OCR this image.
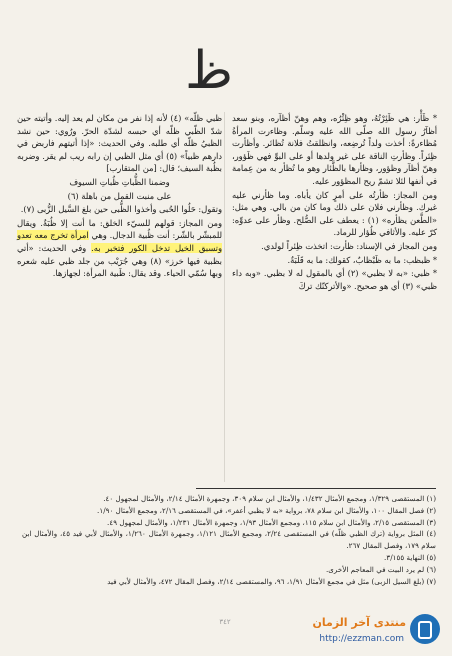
ظ

* ظَأْر: هي ظَئِرْتُهُ، وهو ظِئْرُه، وهم وهنّ أظآره، وبنو سعد أظآرُ رسول الله صلّى الله عليه وسلّم. وظاءرت المرأةُ مُظاءرةً: أخذت ولداً تُرضِعه، وانظلقتُ فلانة تُظائر. وأظأرت ظِئراً. وظأرتِ الناقة على غير ولدها أو على البوِّ فهي ظَؤور، وهنّ أظآر وظؤور، وظأرها بالظَّئار وهو ما تُظأر به من عِمامة في أنفها لئلا تشمّ ريح المظؤور عليه.

ومن المجاز: ظأرتُه على أمرٍ كان يأباه. وما ظأرني عليه غيرك. وظأرني فلان على ذلك وما كان من بالي. وهي مثل: «الطَّعن يظأره» (١) : يعطف على الصُّلح. وظأر على عدوِّه: كرّ عليه. والأثافي ظُؤار للرماد.

ومن المجاز في الإسناد: ظأرت: اتخذت ظِئراً لولدي.

* ظبظب: ما به ظَبْظابٌ، كقولك: ما به قَلَبَةٌ.

* ظبي: «به لا بظبي» (٢) أي بالمقول له لا بظبي. «وبه داء ظبي» (٣) أي هو صحيح. «والأتركنّك تركَ

ظبي ظلّه» (٤) لأنه إذا نفر من مكان لم يعد إليه. وأتيته حين شدّ الظّبي ظلّه أي حبسه لشدّة الحرّ. ورُوي: حين نشد الظبيُ ظلّه أي طلبه. وفي الحديث: «إذا أتيتهم فاربض في دارهم ظبياً» (٥) أي مثل الظبي إن رابه ريب لم يقر. وضربه بظُبة السيف؛ قال: [من المتقارب]

وضمنا الظُّباتِ ظُباتِ السيوف

على منبت القمل من باهلة (٦)

وتقول: حَلُوا الحُبى وأخذوا الظُّبى حين بلغ السَّيل الزُّبى (٧).

ومن المجاز: قولهم للسيّء الخلق: ما أنت إلا ظُبَةٌ. ويقال للمبشّر بالشّر: أنت ظُبية الدجال. وهي امرأة تخرج معه تعدو وتسبق الخيل تدخل الكور فتخبر به. وفي الحديث: «أتي بظبية فيها خرز» (٨) وهي جُرَيْب من جلد ظبي عليه شعره وبها سُمّي الحياء. وقد يقال: ظَبية المرأة: لجهازها.

(١) المستقصى ١/٣٢٩، ومجمع الأمثال ١/٤٣٢، والأمثال ابن سلام ٣٠٩، وجمهرة الأمثال ٢/١٤، والأمثال لمجهول ٤٠.

(٢) فصل المقال ١٠٠، والأمثال ابن سلام ٧٨، برواية «به لا يظبي أعفر»، في المستقصى ٢/١٦، ومجمع الأمثال ١/٩٠.

(٣) المستقصى ٢/١٥، والأمثال ابن سلام ١١٥، ومجمع الأمثال ١/٩٣، وجمهرة الأمثال ١/٢٣١، والأمثال لمجهول ٤٩.

(٤) المثل برواية (ترك الظبي ظلّه) في المستقصى ٢/٢٤، ومجمع الأمثال ١/١٢١، وجمهرة الأمثال ١/٢٦٠، والأمثال لأبي فيد ٤٥، والأمثال ابن سلام ١٧٩، وفصل المقال ٢٦٧.

(٥) النهاية ٣/١٥٥.

(٦) لم يرد البيت في المعاجم الأخرى.

(٧) (بلغ السيل الزبى) مثل في مجمع الأمثال ١/٩١، ٩٦، والمستقصى ٢/١٤، وفصل المقال ٤٧٢، والأمثال لأبي فيد

٣٤٢	منتدى آخر الزمان
http://ezzman.com
